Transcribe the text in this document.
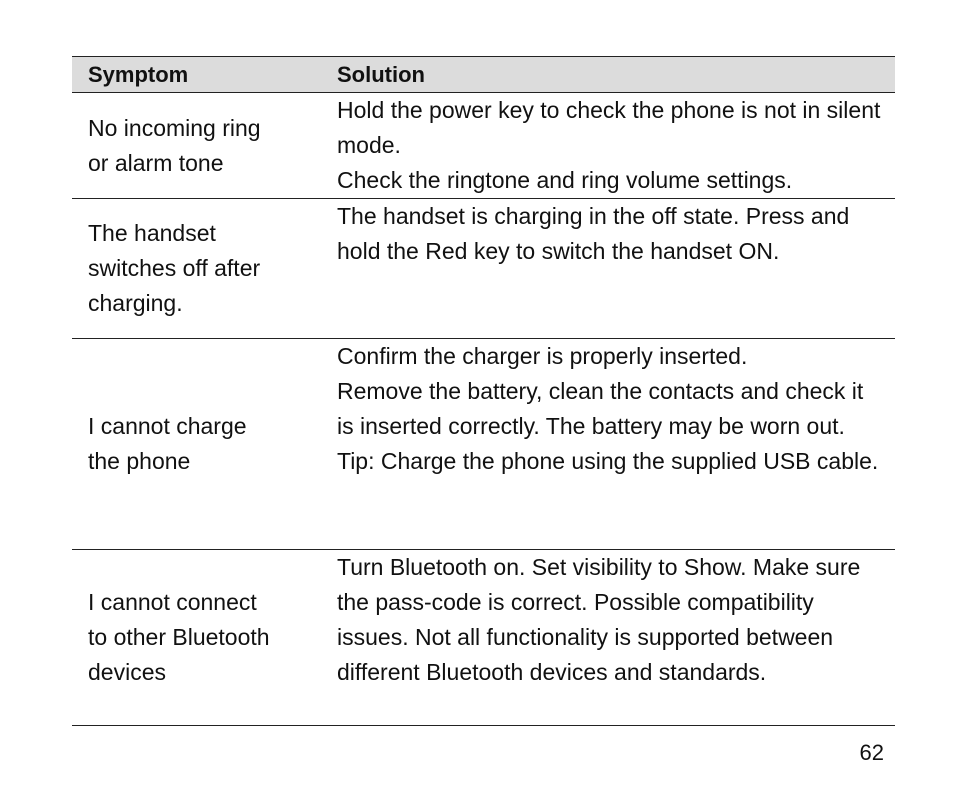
Symptom	Solution

No incoming ring
or alarm tone	Hold the power key to check the phone is not in silent mode.
Check the ringtone and ring volume settings.

The handset
switches off after
charging.	The handset is charging in the off state. Press and hold the Red key to switch the handset ON.

I cannot charge
the phone	Confirm the charger is properly inserted.
Remove the battery, clean the contacts and check it is inserted correctly. The battery may be worn out.
Tip: Charge the phone using the supplied USB cable.

I cannot connect
to other Bluetooth
devices	Turn Bluetooth on. Set visibility to Show. Make sure the pass-code is correct. Possible compatibility issues. Not all functionality is supported between different Bluetooth devices and standards.
62
